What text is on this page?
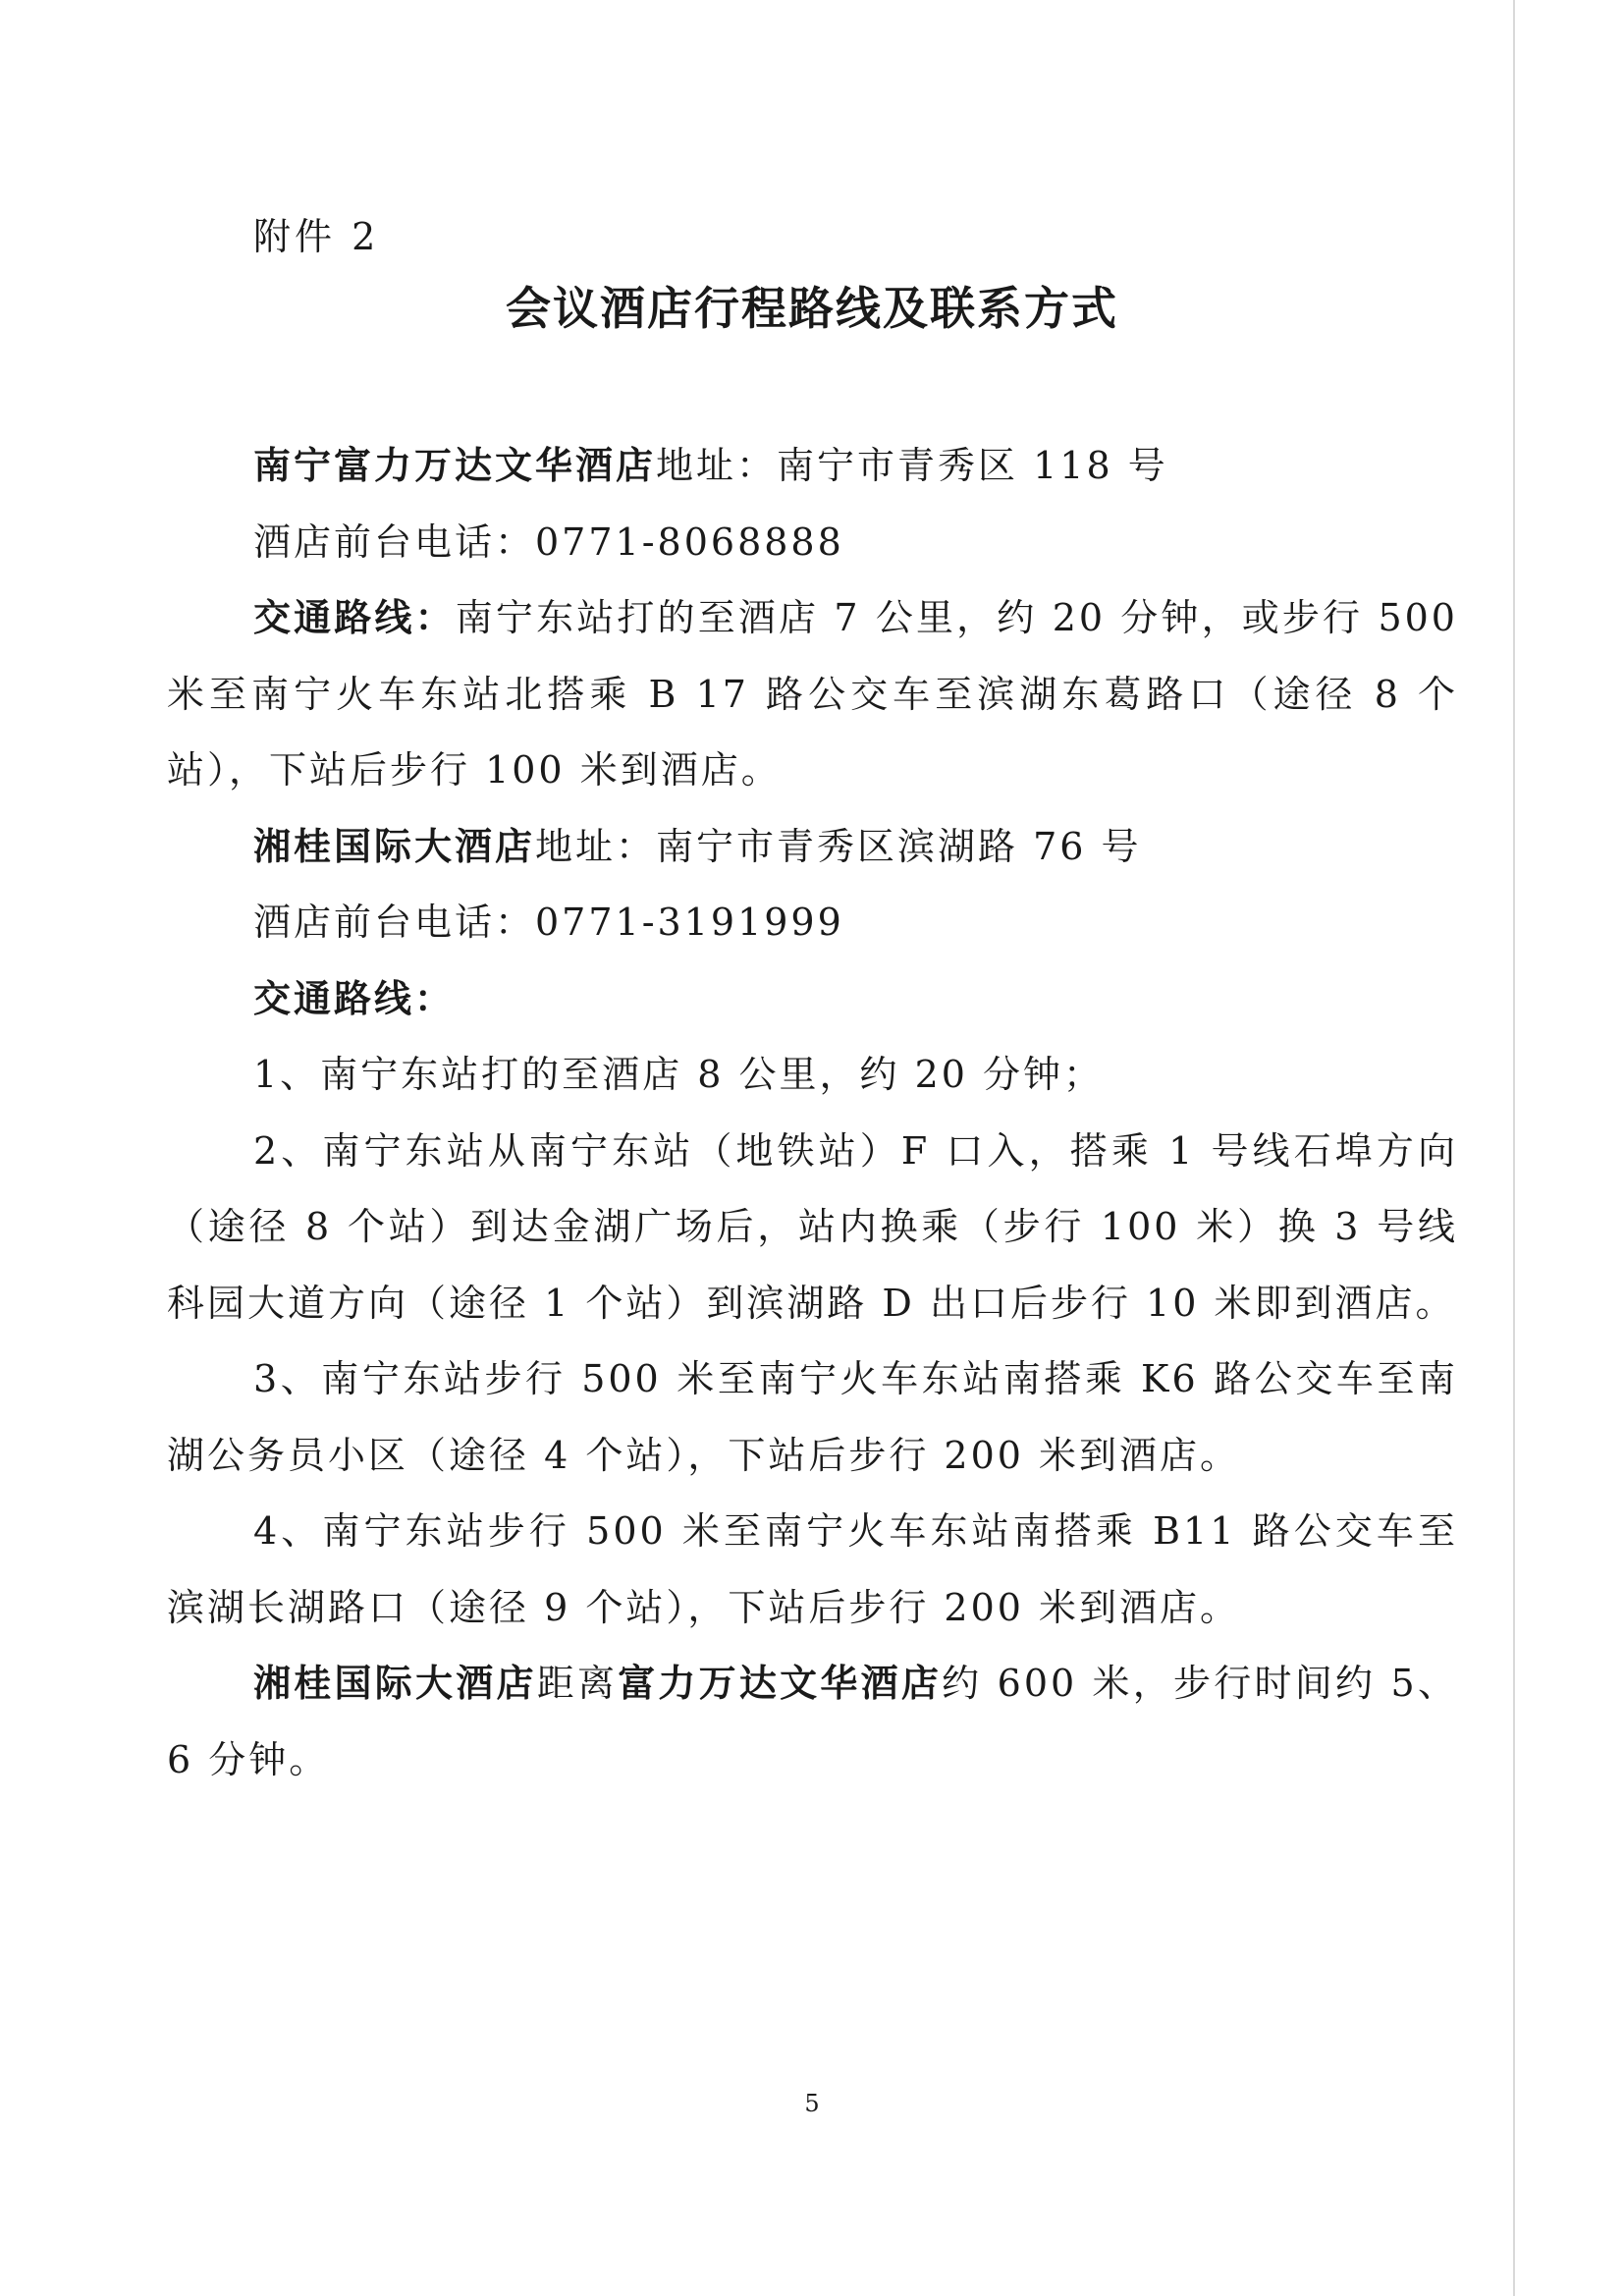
附件 2
会议酒店行程路线及联系方式

南宁富力万达文华酒店地址：南宁市青秀区 118 号

酒店前台电话：0771-8068888

交通路线：南宁东站打的至酒店 7 公里，约 20 分钟，或步行 500 米至南宁火车东站北搭乘 B 17 路公交车至滨湖东葛路口（途径 8 个站），下站后步行 100 米到酒店。

湘桂国际大酒店地址：南宁市青秀区滨湖路 76 号

酒店前台电话：0771-3191999

交通路线：

1、南宁东站打的至酒店 8 公里，约 20 分钟；

2、南宁东站从南宁东站（地铁站）F 口入，搭乘 1 号线石埠方向（途径 8 个站）到达金湖广场后，站内换乘（步行 100 米）换 3 号线科园大道方向（途径 1 个站）到滨湖路 D 出口后步行 10 米即到酒店。

3、南宁东站步行 500 米至南宁火车东站南搭乘 K6 路公交车至南湖公务员小区（途径 4 个站），下站后步行 200 米到酒店。

4、南宁东站步行 500 米至南宁火车东站南搭乘 B11 路公交车至滨湖长湖路口（途径 9 个站），下站后步行 200 米到酒店。

湘桂国际大酒店距离富力万达文华酒店约 600 米，步行时间约 5、6 分钟。

5
